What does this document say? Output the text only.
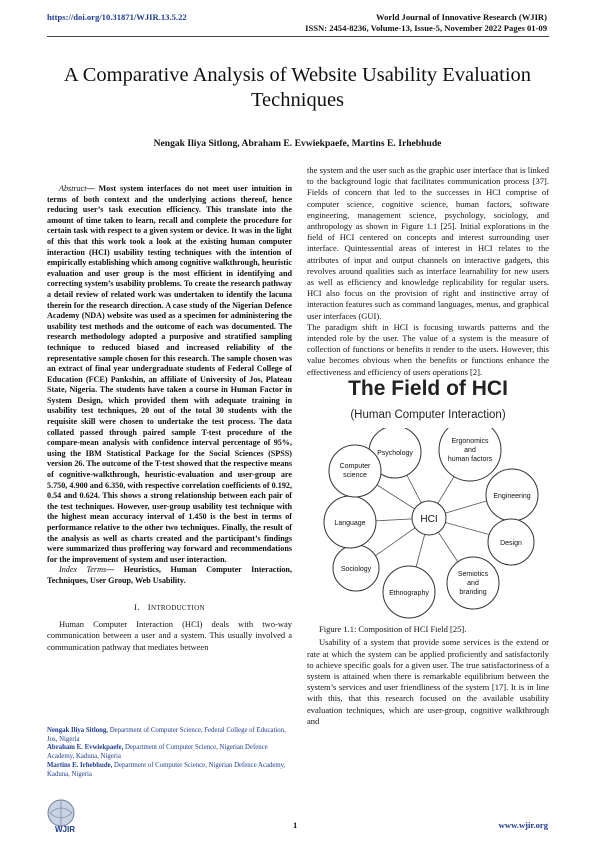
https://doi.org/10.31871/WJIR.13.5.22	World Journal of Innovative Research (WJIR)
ISSN: 2454-8236, Volume-13, Issue-5, November 2022 Pages 01-09
A Comparative Analysis of Website Usability Evaluation Techniques
Nengak Iliya Sitlong, Abraham E. Evwiekpaefe, Martins E. Irhebhude

Abstract— Most system interfaces do not meet user intuition in terms of both context and the underlying actions thereof, hence reducing user’s task execution efficiency. This translate into the amount of time taken to learn, recall and complete the procedure for certain task with respect to a given system or device. It was in the light of this that this work took a look at the existing human computer interaction (HCI) usability testing techniques with the intention of empirically establishing which among cognitive walkthrough, heuristic evaluation and user group is the most efficient in identifying and correcting system’s usability problems. To create the research pathway a detail review of related work was undertaken to identify the lacuna therein for the research direction. A case study of the Nigerian Defence Academy (NDA) website was used as a specimen for administering the usability test methods and the outcome of each was documented. The research methodology adopted a purposive and stratified sampling technique to reduced biased and increased reliability of the representative sample chosen for this research. The sample chosen was an extract of final year undergraduate students of Federal College of Education (FCE) Pankshin, an affiliate of University of Jos, Plateau State, Nigeria. The students have taken a course in Human Factor in System Design, which provided them with adequate training in usability test techniques, 20 out of the total 30 students with the requisite skill were chosen to undertake the test process. The data collated passed through paired sample T-test procedure of the compare-mean analysis with confidence interval percentage of 95%, using the IBM Statistical Package for the Social Sciences (SPSS) version 26. The outcome of the T-test showed that the respective means of cognitive-walkthrough, heuristic-evaluation and user-group are 5.750, 4.900 and 6.350, with respective correlation coefficients of 0.192, 0.54 and 0.624. This shows a strong relationship between each pair of the test techniques. However, user-group usability test technique with the highest mean accuracy interval of 1.450 is the best in terms of performance relative to the other two techniques. Finally, the result of the analysis as well as charts created and the participant’s findings were summarized thus proffering way forward and recommendations for the improvement of system and user interaction.

Index Terms— Heuristics, Human Computer Interaction, Techniques, User Group, Web Usability.

I. INTRODUCTION

Human Computer Interaction (HCI) deals with two-way communication between a user and a system. This usually involved a communication pathway that mediates between

Nengak Iliya Sitlong, Department of Computer Science, Federal College of Education, Jos, Nigeria
Abraham E. Evwiekpaefe, Department of Computer Science, Nigerian Defence Academy, Kaduna, Nigeria
Martins E. Irhebhude, Department of Computer Science, Nigerian Defence Academy, Kaduna, Nigeria

the system and the user such as the graphic user interface that is linked to the background logic that facilitates communication process [37]. Fields of concern that led to the successes in HCI comprise of computer science, cognitive science, human factors, software engineering, management science, psychology, sociology, and anthropology as shown in Figure 1.1 [25]. Initial explorations in the field of HCI centered on concepts and interest surrounding user interface. Quintessential areas of interest in HCI relates to the attributes of input and output channels on interactive gadgets, this revolves around qualities such as interface learnability for new users as well as efficiency and knowledge replicability for regular users. HCI also focus on the provision of right and instinctive array of interaction features such as command languages, menus, and graphical user interfaces (GUI).

The paradigm shift in HCI is focusing towards patterns and the intended role by the user. The value of a system is the measure of collection of functions or benefits it render to the users. However, this value becomes obvious when the benefits or functions enhance the effectiveness and efficiency of users operations [2].

The Field of HCI
(Human Computer Interaction)
HCI
Psychology
Ergonomics
and
human factors
Engineering
Design
Semiotics
and
branding
Ethnography
Sociology
Language
Computer
science

Figure 1.1: Composition of HCI Field [25].

Usability of a system that provide some services is the extend or rate at which the system can be applied proficiently and satisfactorily to achieve specific goals for a given user. The true satisfactoriness of a system is attained when there is remarkable equilibrium between the system’s services and user friendliness of the system [17]. It is in line with this, that this research focused on the available usability evaluation techniques, which are user-group, cognitive walkthrough and

WJIR	1	www.wjir.org
